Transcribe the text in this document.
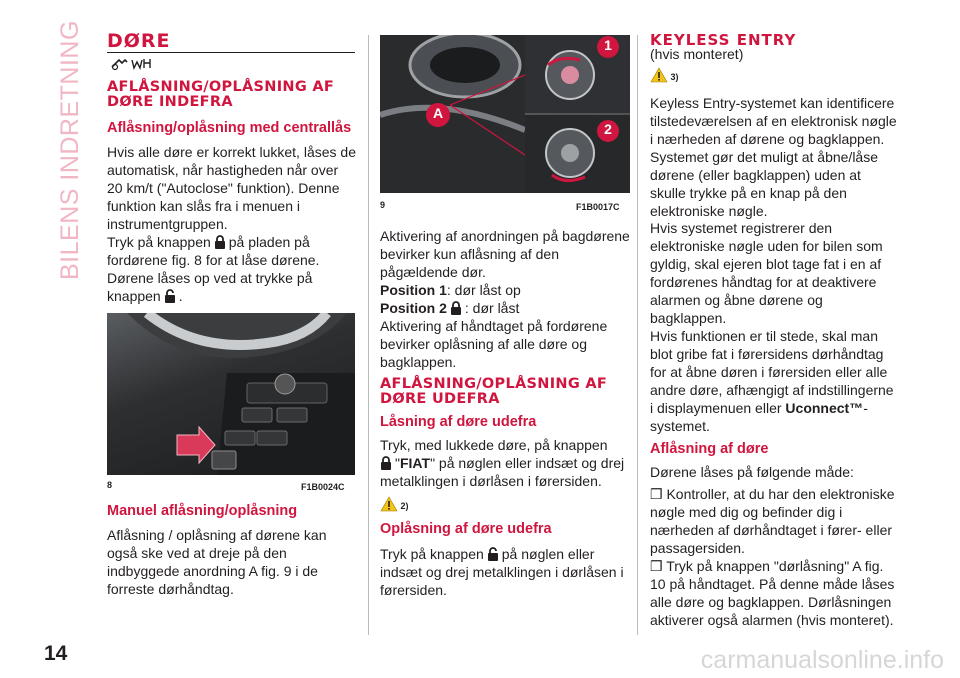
BILENS INDRETNING DØRE
AFLÅSNING/OPLÅSNING AF DØRE INDEFRA
Aflåsning/oplåsning med centrallås
Hvis alle døre er korrekt lukket, låses de automatisk, når hastigheden når over 20 km/t ("Autoclose" funktion). Denne funktion kan slås fra i menuen i instrumentgruppen.
Tryk på knappen på pladen på fordørene fig. 8 for at låse dørene.
Dørene låses op ved at trykke på knappen .
8	F1B0024C
Manuel aflåsning/oplåsning
Aflåsning / oplåsning af dørene kan også ske ved at dreje på den indbyggede anordning A fig. 9 i de forreste dørhåndtag.
1
2
A
9	F1B0017C
Aktivering af anordningen på bagdørene bevirker kun aflåsning af den pågældende dør.
Position 1: dør låst op
Position 2 : dør låst
Aktivering af håndtaget på fordørene bevirker oplåsning af alle døre og bagklappen.
AFLÅSNING/OPLÅSNING AF DØRE UDEFRA
Låsning af døre udefra
Tryk, med lukkede døre, på knappen
"FIAT" på nøglen eller indsæt og drej metalklingen i dørlåsen i førersiden.
2)
Oplåsning af døre udefra
Tryk på knappen på nøglen eller indsæt og drej metalklingen i dørlåsen i førersiden.
KEYLESS ENTRY
(hvis monteret)
3)
Keyless Entry-systemet kan identificere tilstedeværelsen af en elektronisk nøgle i nærheden af dørene og bagklappen. Systemet gør det muligt at åbne/låse dørene (eller bagklappen) uden at skulle trykke på en knap på den elektroniske nøgle.
Hvis systemet registrerer den elektroniske nøgle uden for bilen som gyldig, skal ejeren blot tage fat i en af fordørenes håndtag for at deaktivere alarmen og åbne dørene og bagklappen.
Hvis funktionen er til stede, skal man blot gribe fat i førersidens dørhåndtag for at åbne døren i førersiden eller alle andre døre, afhængigt af indstillingerne i displaymenuen eller Uconnect™-systemet.
Aflåsning af døre
Dørene låses på følgende måde:
❒ Kontroller, at du har den elektroniske nøgle med dig og befinder dig i nærheden af dørhåndtaget i fører- eller passagersiden.
❒ Tryk på knappen "dørlåsning" A fig. 10 på håndtaget. På denne måde låses alle døre og bagklappen. Dørlåsningen aktiverer også alarmen (hvis monteret).
14	carmanualsonline.info
